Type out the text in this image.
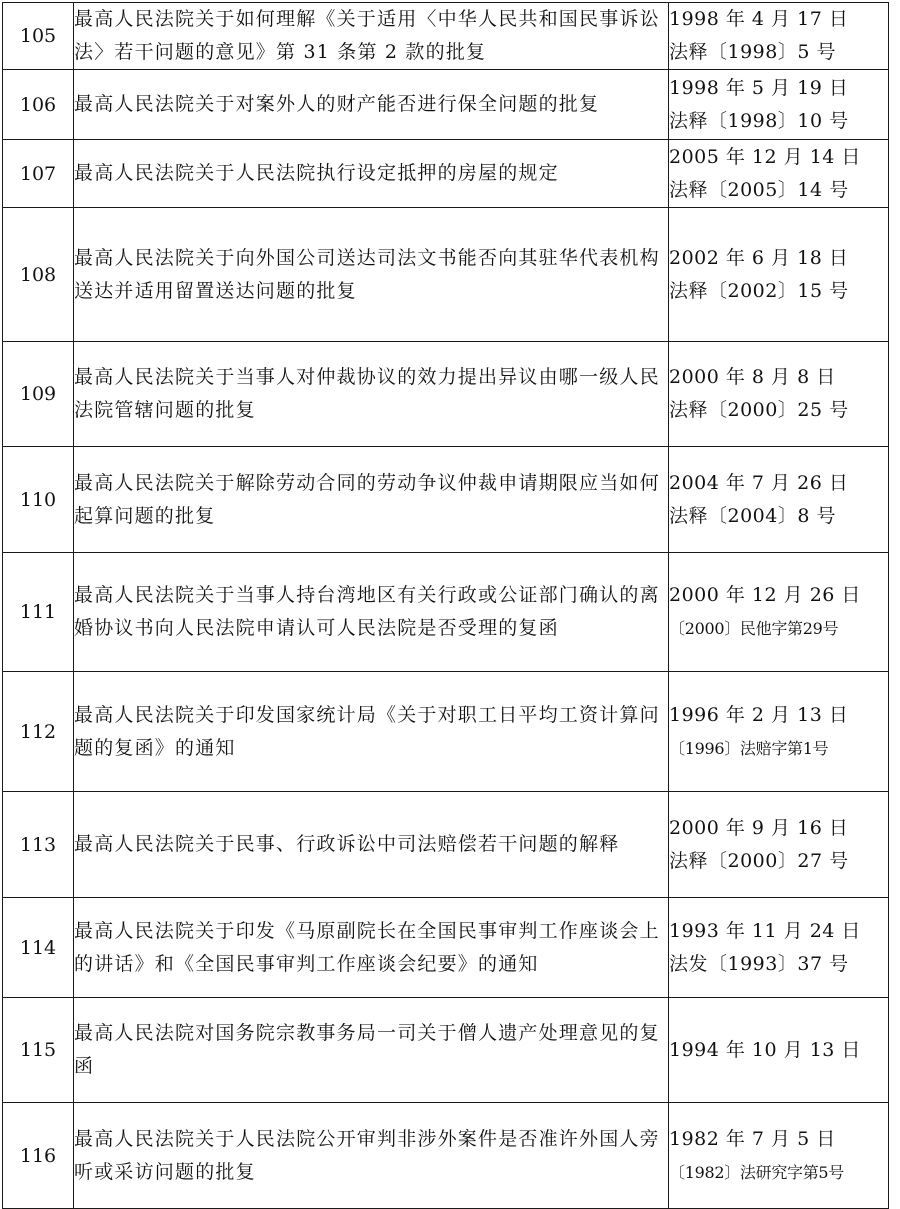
105	最高人民法院关于如何理解《关于适用〈中华人民共和国民事诉讼法〉若干问题的意见》第 31 条第 2 款的批复	1998 年 4 月 17 日
法释〔1998〕5 号

106	最高人民法院关于对案外人的财产能否进行保全问题的批复	1998 年 5 月 19 日
法释〔1998〕10 号

107	最高人民法院关于人民法院执行设定抵押的房屋的规定	2005 年 12 月 14 日
法释〔2005〕14 号

108	最高人民法院关于向外国公司送达司法文书能否向其驻华代表机构送达并适用留置送达问题的批复	2002 年 6 月 18 日
法释〔2002〕15 号

109	最高人民法院关于当事人对仲裁协议的效力提出异议由哪一级人民法院管辖问题的批复	2000 年 8 月 8 日
法释〔2000〕25 号

110	最高人民法院关于解除劳动合同的劳动争议仲裁申请期限应当如何起算问题的批复	2004 年 7 月 26 日
法释〔2004〕8 号

111	最高人民法院关于当事人持台湾地区有关行政或公证部门确认的离婚协议书向人民法院申请认可人民法院是否受理的复函	2000 年 12 月 26 日
〔2000〕民他字第29号

112	最高人民法院关于印发国家统计局《关于对职工日平均工资计算问题的复函》的通知	1996 年 2 月 13 日
〔1996〕法赔字第1号

113	最高人民法院关于民事、行政诉讼中司法赔偿若干问题的解释	2000 年 9 月 16 日
法释〔2000〕27 号

114	最高人民法院关于印发《马原副院长在全国民事审判工作座谈会上的讲话》和《全国民事审判工作座谈会纪要》的通知	1993 年 11 月 24 日
法发〔1993〕37 号

115	最高人民法院对国务院宗教事务局一司关于僧人遗产处理意见的复函	1994 年 10 月 13 日

116	最高人民法院关于人民法院公开审判非涉外案件是否准许外国人旁听或采访问题的批复	1982 年 7 月 5 日
〔1982〕法研究字第5号
